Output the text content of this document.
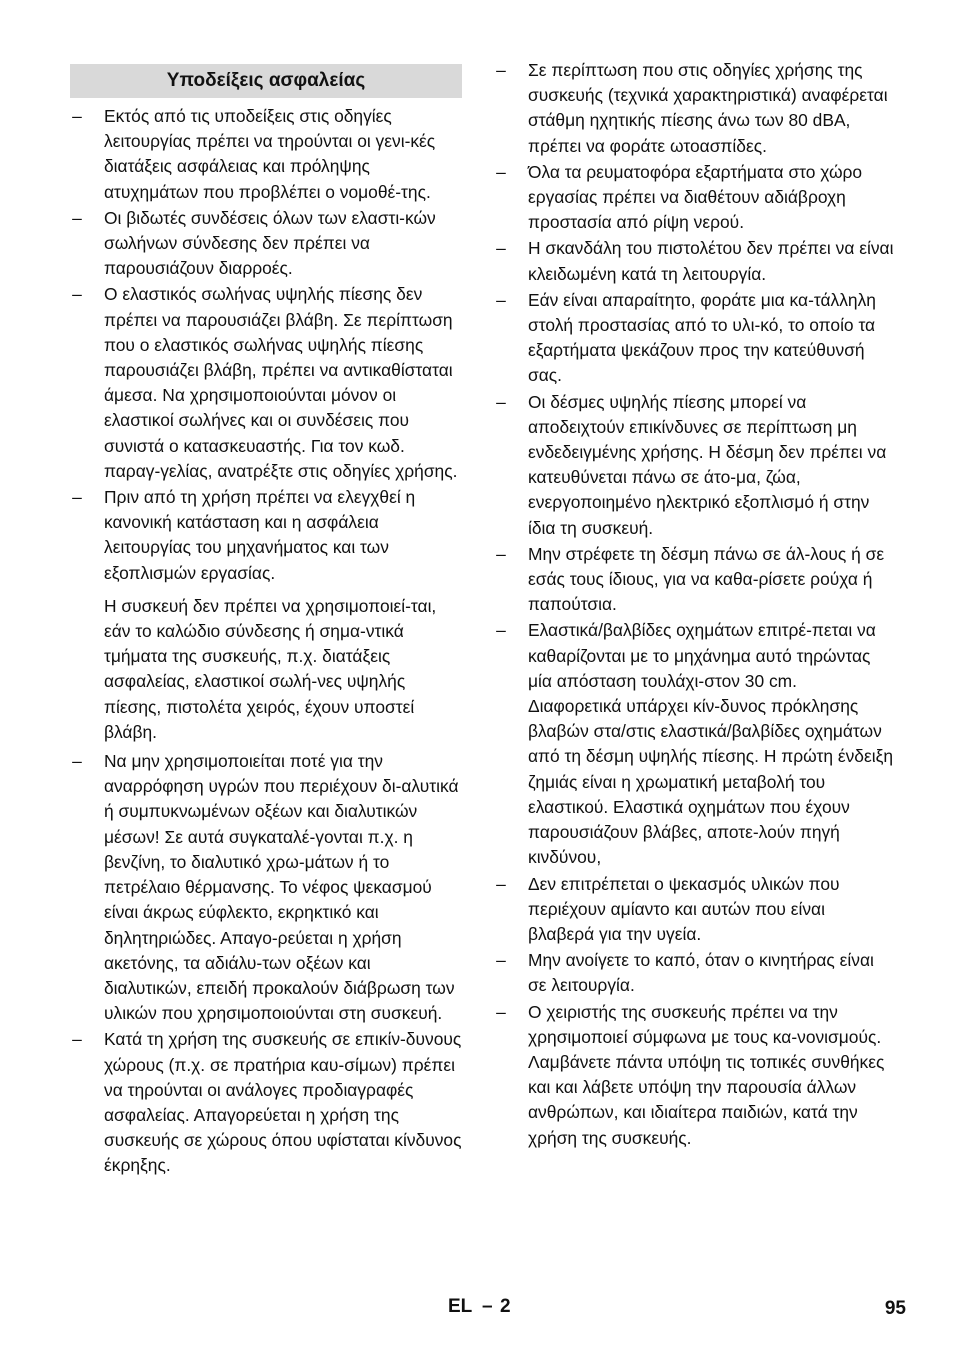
Υποδείξεις ασφαλείας
– Εκτός από τις υποδείξεις στις οδηγίες λειτουργίας πρέπει να τηρούνται οι γενι-κές διατάξεις ασφάλειας και πρόληψης ατυχημάτων που προβλέπει ο νομοθέ-της.
– Οι βιδωτές συνδέσεις όλων των ελαστι-κών σωλήνων σύνδεσης δεν πρέπει να παρουσιάζουν διαρροές.
– Ο ελαστικός σωλήνας υψηλής πίεσης δεν πρέπει να παρουσιάζει βλάβη. Σε περίπτωση που ο ελαστικός σωλήνας υψηλής πίεσης παρουσιάζει βλάβη, πρέπει να αντικαθίσταται άμεσα. Να χρησιμοποιούνται μόνον οι ελαστικοί σωλήνες και οι συνδέσεις που συνιστά ο κατασκευαστής. Για τον κωδ. παραγ-γελίας, ανατρέξτε στις οδηγίες χρήσης.
– Πριν από τη χρήση πρέπει να ελεγχθεί η κανονική κατάσταση και η ασφάλεια λειτουργίας του μηχανήματος και των εξοπλισμών εργασίας.
Η συσκευή δεν πρέπει να χρησιμοποιεί-ται, εάν το καλώδιο σύνδεσης ή σημα-ντικά τμήματα της συσκευής, π.χ. διατάξεις ασφαλείας, ελαστικοί σωλή-νες υψηλής πίεσης, πιστολέτα χειρός, έχουν υποστεί βλάβη.
– Να μην χρησιμοποιείται ποτέ για την αναρρόφηση υγρών που περιέχουν δι-αλυτικά ή συμπυκνωμένων οξέων και διαλυτικών μέσων! Σε αυτά συγκαταλέ-γονται π.χ. η βενζίνη, το διαλυτικό χρω-μάτων ή το πετρέλαιο θέρμανσης. Το νέφος ψεκασμού είναι άκρως εύφλεκτο, εκρηκτικό και δηλητηριώδες. Απαγο-ρεύεται η χρήση ακετόνης, τα αδιάλυ-των οξέων και διαλυτικών, επειδή προκαλούν διάβρωση των υλικών που χρησιμοποιούνται στη συσκευή.
– Κατά τη χρήση της συσκευής σε επικίν-δυνους χώρους (π.χ. σε πρατήρια καυ-σίμων) πρέπει να τηρούνται οι ανάλογες προδιαγραφές ασφαλείας. Απαγορεύεται η χρήση της συσκευής σε χώρους όπου υφίσταται κίνδυνος έκρηξης.
– Σε περίπτωση που στις οδηγίες χρήσης της συσκευής (τεχνικά χαρακτηριστικά) αναφέρεται στάθμη ηχητικής πίεσης άνω των 80 dBA, πρέπει να φοράτε ωτοασπίδες.
– Όλα τα ρευματοφόρα εξαρτήματα στο χώρο εργασίας πρέπει να διαθέτουν αδιάβροχη προστασία από ρίψη νερού.
– Η σκανδάλη του πιστολέτου δεν πρέπει να είναι κλειδωμένη κατά τη λειτουργία.
– Εάν είναι απαραίτητο, φοράτε μια κα-τάλληλη στολή προστασίας από το υλι-κό, το οποίο τα εξαρτήματα ψεκάζουν προς την κατεύθυνσή σας.
– Οι δέσμες υψηλής πίεσης μπορεί να αποδειχτούν επικίνδυνες σε περίπτωση μη ενδεδειγμένης χρήσης. Η δέσμη δεν πρέπει να κατευθύνεται πάνω σε άτο-μα, ζώα, ενεργοποιημένο ηλεκτρικό εξοπλισμό ή στην ίδια τη συσκευή.
– Μην στρέφετε τη δέσμη πάνω σε άλ-λους ή σε εσάς τους ίδιους, για να καθα-ρίσετε ρούχα ή παπούτσια.
– Ελαστικά/βαλβίδες οχημάτων επιτρέ-πεται να καθαρίζονται με το μηχάνημα αυτό τηρώντας μία απόσταση τουλάχι-στον 30 cm. Διαφορετικά υπάρχει κίν-δυνος πρόκλησης βλαβών στα/στις ελαστικά/βαλβίδες οχημάτων από τη δέσμη υψηλής πίεσης. Η πρώτη ένδειξη ζημιάς είναι η χρωματική μεταβολή του ελαστικού. Ελαστικά οχημάτων που έχουν παρουσιάζουν βλάβες, αποτε-λούν πηγή κινδύνου,
– Δεν επιτρέπεται ο ψεκασμός υλικών που περιέχουν αμίαντο και αυτών που είναι βλαβερά για την υγεία.
– Μην ανοίγετε το καπό, όταν ο κινητήρας είναι σε λειτουργία.
– Ο χειριστής της συσκευής πρέπει να την χρησιμοποιεί σύμφωνα με τους κα-νονισμούς. Λαμβάνετε πάντα υπόψη τις τοπικές συνθήκες και και λάβετε υπόψη την παρουσία άλλων ανθρώπων, και ιδιαίτερα παιδιών, κατά την χρήση της συσκευής.
EL – 2	95
